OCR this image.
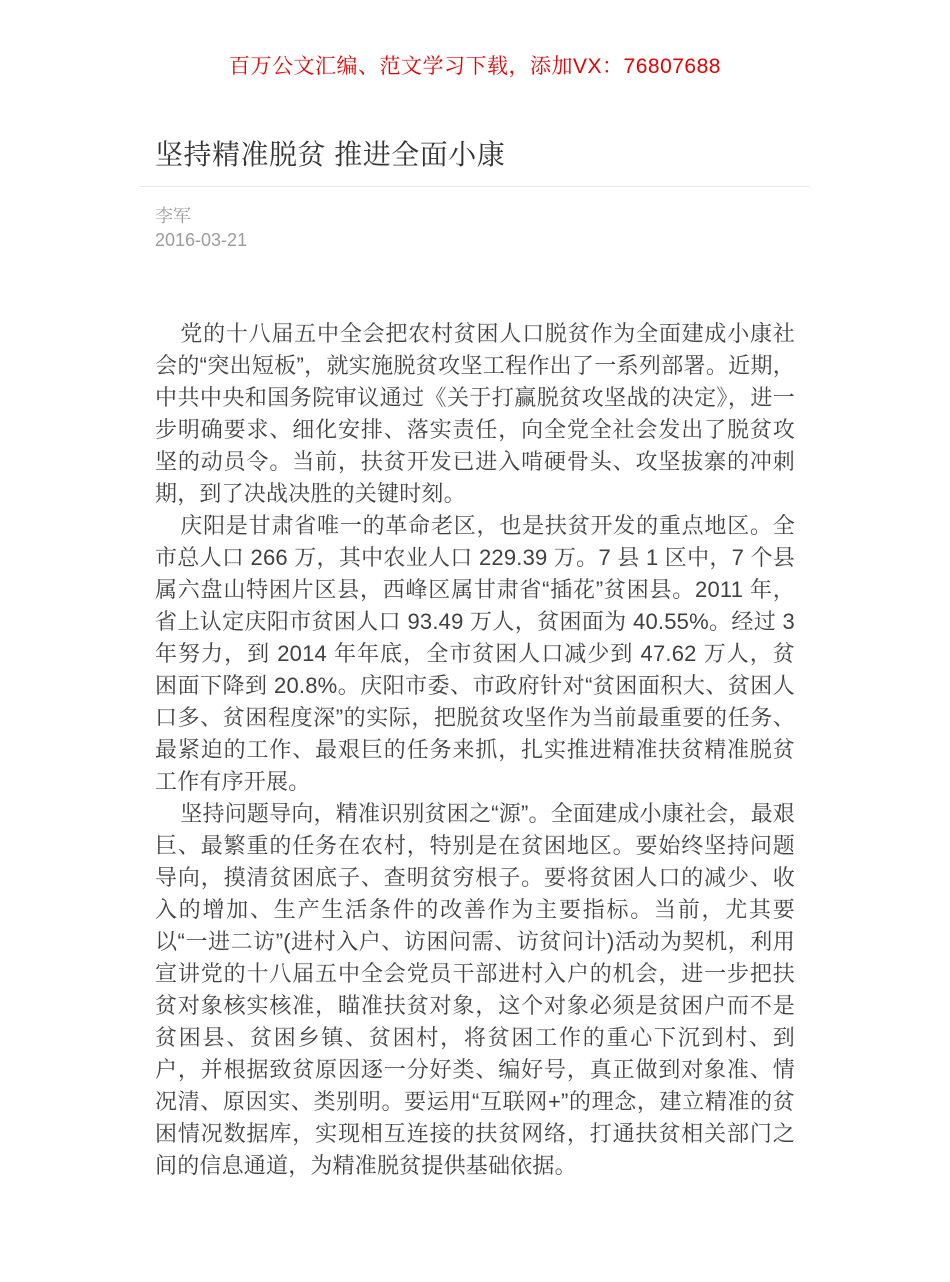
百万公文汇编、范文学习下载，添加VX：76807688
坚持精准脱贫 推进全面小康
李军
2016-03-21

党的十八届五中全会把农村贫困人口脱贫作为全面建成小康社会的“突出短板”，就实施脱贫攻坚工程作出了一系列部署。近期，中共中央和国务院审议通过《关于打赢脱贫攻坚战的决定》，进一步明确要求、细化安排、落实责任，向全党全社会发出了脱贫攻坚的动员令。当前，扶贫开发已进入啃硬骨头、攻坚拔寨的冲刺期，到了决战决胜的关键时刻。

庆阳是甘肃省唯一的革命老区，也是扶贫开发的重点地区。全市总人口 266 万，其中农业人口 229.39 万。7 县 1 区中，7 个县属六盘山特困片区县，西峰区属甘肃省“插花”贫困县。2011 年，省上认定庆阳市贫困人口 93.49 万人，贫困面为 40.55%。经过 3 年努力，到 2014 年年底，全市贫困人口减少到 47.62 万人，贫困面下降到 20.8%。庆阳市委、市政府针对“贫困面积大、贫困人口多、贫困程度深”的实际，把脱贫攻坚作为当前最重要的任务、最紧迫的工作、最艰巨的任务来抓，扎实推进精准扶贫精准脱贫工作有序开展。

坚持问题导向，精准识别贫困之“源”。全面建成小康社会，最艰巨、最繁重的任务在农村，特别是在贫困地区。要始终坚持问题导向，摸清贫困底子、查明贫穷根子。要将贫困人口的减少、收入的增加、生产生活条件的改善作为主要指标。当前，尤其要以“一进二访”(进村入户、访困问需、访贫问计)活动为契机，利用宣讲党的十八届五中全会党员干部进村入户的机会，进一步把扶贫对象核实核准，瞄准扶贫对象，这个对象必须是贫困户而不是贫困县、贫困乡镇、贫困村，将贫困工作的重心下沉到村、到户，并根据致贫原因逐一分好类、编好号，真正做到对象准、情况清、原因实、类别明。要运用“互联网+”的理念，建立精准的贫困情况数据库，实现相互连接的扶贫网络，打通扶贫相关部门之间的信息通道，为精准脱贫提供基础依据。
